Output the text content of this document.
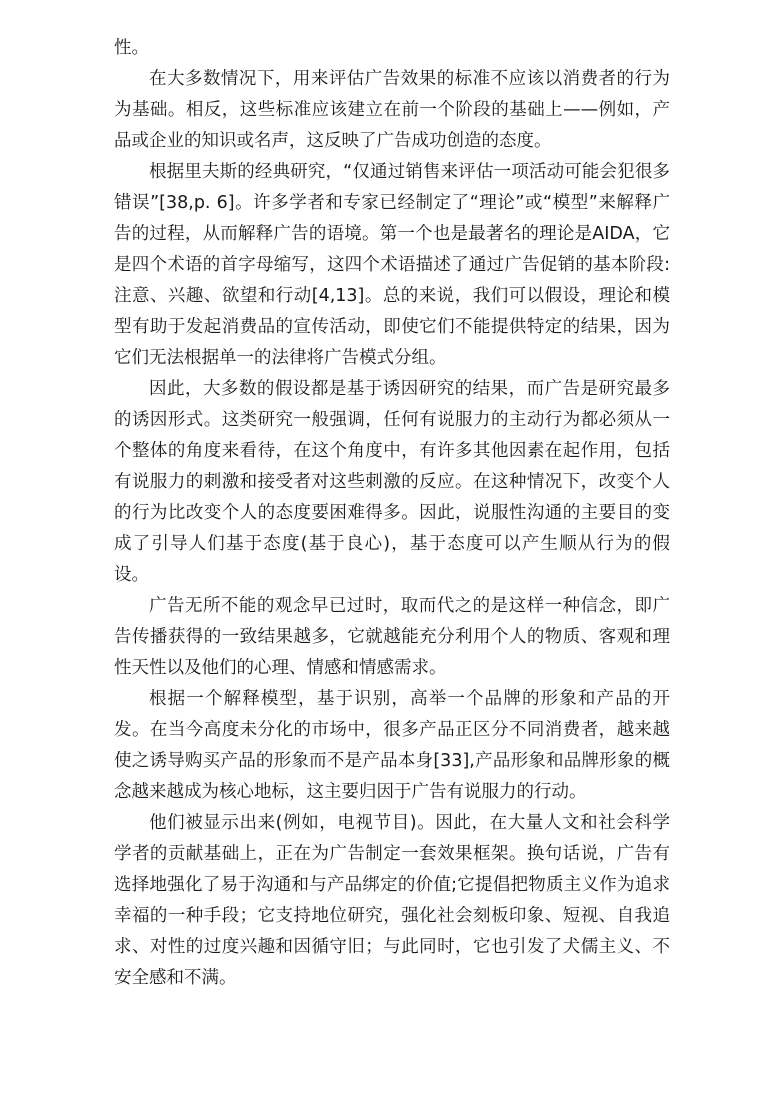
性。

在大多数情况下，用来评估广告效果的标准不应该以消费者的行为为基础。相反，这些标准应该建立在前一个阶段的基础上——例如，产品或企业的知识或名声，这反映了广告成功创造的态度。

根据里夫斯的经典研究，“仅通过销售来评估一项活动可能会犯很多错误”[38,p. 6]。许多学者和专家已经制定了“理论”或“模型”来解释广告的过程，从而解释广告的语境。第一个也是最著名的理论是AIDA，它是四个术语的首字母缩写，这四个术语描述了通过广告促销的基本阶段:注意、兴趣、欲望和行动[4,13]。总的来说，我们可以假设，理论和模型有助于发起消费品的宣传活动，即使它们不能提供特定的结果，因为它们无法根据单一的法律将广告模式分组。

因此，大多数的假设都是基于诱因研究的结果，而广告是研究最多的诱因形式。这类研究一般强调，任何有说服力的主动行为都必须从一个整体的角度来看待，在这个角度中，有许多其他因素在起作用，包括有说服力的刺激和接受者对这些刺激的反应。在这种情况下，改变个人的行为比改变个人的态度要困难得多。因此，说服性沟通的主要目的变成了引导人们基于态度(基于良心)，基于态度可以产生顺从行为的假设。

广告无所不能的观念早已过时，取而代之的是这样一种信念，即广告传播获得的一致结果越多，它就越能充分利用个人的物质、客观和理性天性以及他们的心理、情感和情感需求。

根据一个解释模型，基于识别，高举一个品牌的形象和产品的开发。在当今高度未分化的市场中，很多产品正区分不同消费者，越来越使之诱导购买产品的形象而不是产品本身[33],产品形象和品牌形象的概念越来越成为核心地标，这主要归因于广告有说服力的行动。

他们被显示出来(例如，电视节目)。因此，在大量人文和社会科学学者的贡献基础上，正在为广告制定一套效果框架。换句话说，广告有选择地强化了易于沟通和与产品绑定的价值;它提倡把物质主义作为追求幸福的一种手段；它支持地位研究，强化社会刻板印象、短视、自我追求、对性的过度兴趣和因循守旧；与此同时，它也引发了犬儒主义、不安全感和不满。
